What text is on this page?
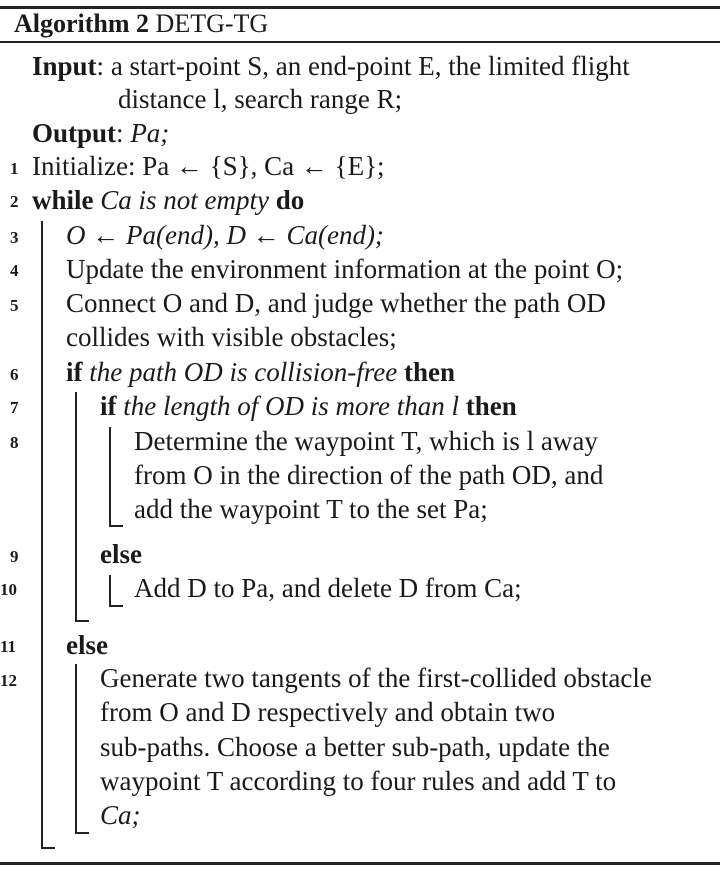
Algorithm 2 DETG-TG
Input: a start-point S, an end-point E, the limited flight
distance l, search range R;
Output: Pa;
1
2
3
4
5
6
7
8
9
10
11
12
Initialize: Pa ← {S}, Ca ← {E};
while Ca is not empty do
O ← Pa(end), D ← Ca(end);
Update the environment information at the point O;
Connect O and D, and judge whether the path OD
collides with visible obstacles;
if the path OD is collision-free then
if the length of OD is more than l then
Determine the waypoint T, which is l away
from O in the direction of the path OD, and
add the waypoint T to the set Pa;
else
Add D to Pa, and delete D from Ca;
else
Generate two tangents of the first-collided obstacle
from O and D respectively and obtain two
sub-paths. Choose a better sub-path, update the
waypoint T according to four rules and add T to
Ca;
